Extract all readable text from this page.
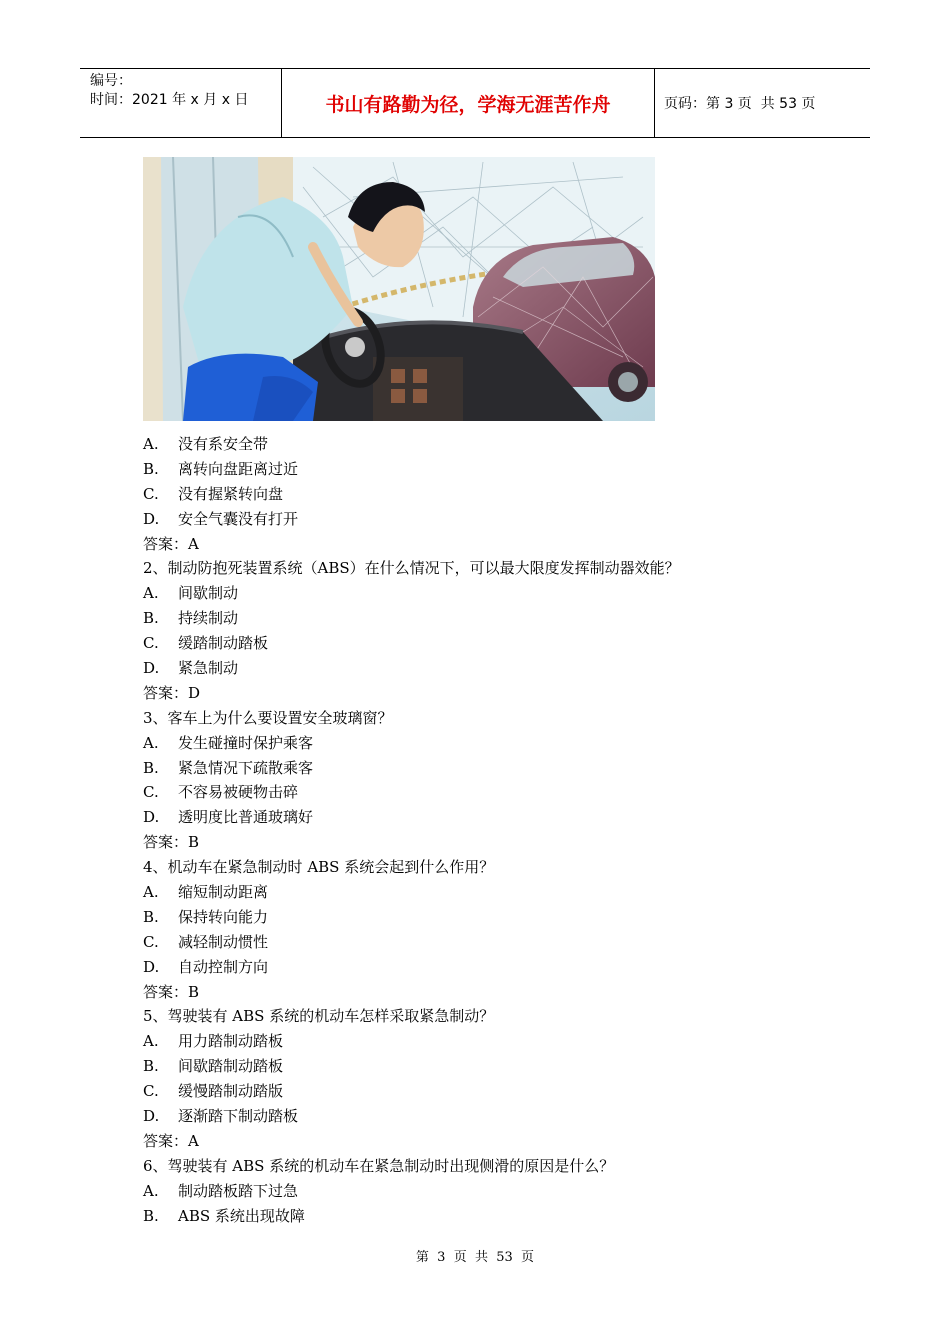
编号：
时间：2021 年 x 月 x 日	书山有路勤为径，学海无涯苦作舟	页码：第 3 页  共 53 页
A. 没有系安全带
B. 离转向盘距离过近
C. 没有握紧转向盘
D. 安全气囊没有打开
答案：A
2、制动防抱死装置系统（ABS）在什么情况下，可以最大限度发挥制动器效能？
A. 间歇制动
B. 持续制动
C. 缓踏制动踏板
D. 紧急制动
答案：D
3、客车上为什么要设置安全玻璃窗？
A. 发生碰撞时保护乘客
B. 紧急情况下疏散乘客
C. 不容易被硬物击碎
D. 透明度比普通玻璃好
答案：B
4、机动车在紧急制动时 ABS 系统会起到什么作用？
A. 缩短制动距离
B. 保持转向能力
C. 减轻制动惯性
D. 自动控制方向
答案：B
5、驾驶装有 ABS 系统的机动车怎样采取紧急制动？
A. 用力踏制动踏板
B. 间歇踏制动踏板
C. 缓慢踏制动踏版
D. 逐渐踏下制动踏板
答案：A
6、驾驶装有 ABS 系统的机动车在紧急制动时出现侧滑的原因是什么？
A. 制动踏板踏下过急
B. ABS 系统出现故障
第  3  页  共  53  页
